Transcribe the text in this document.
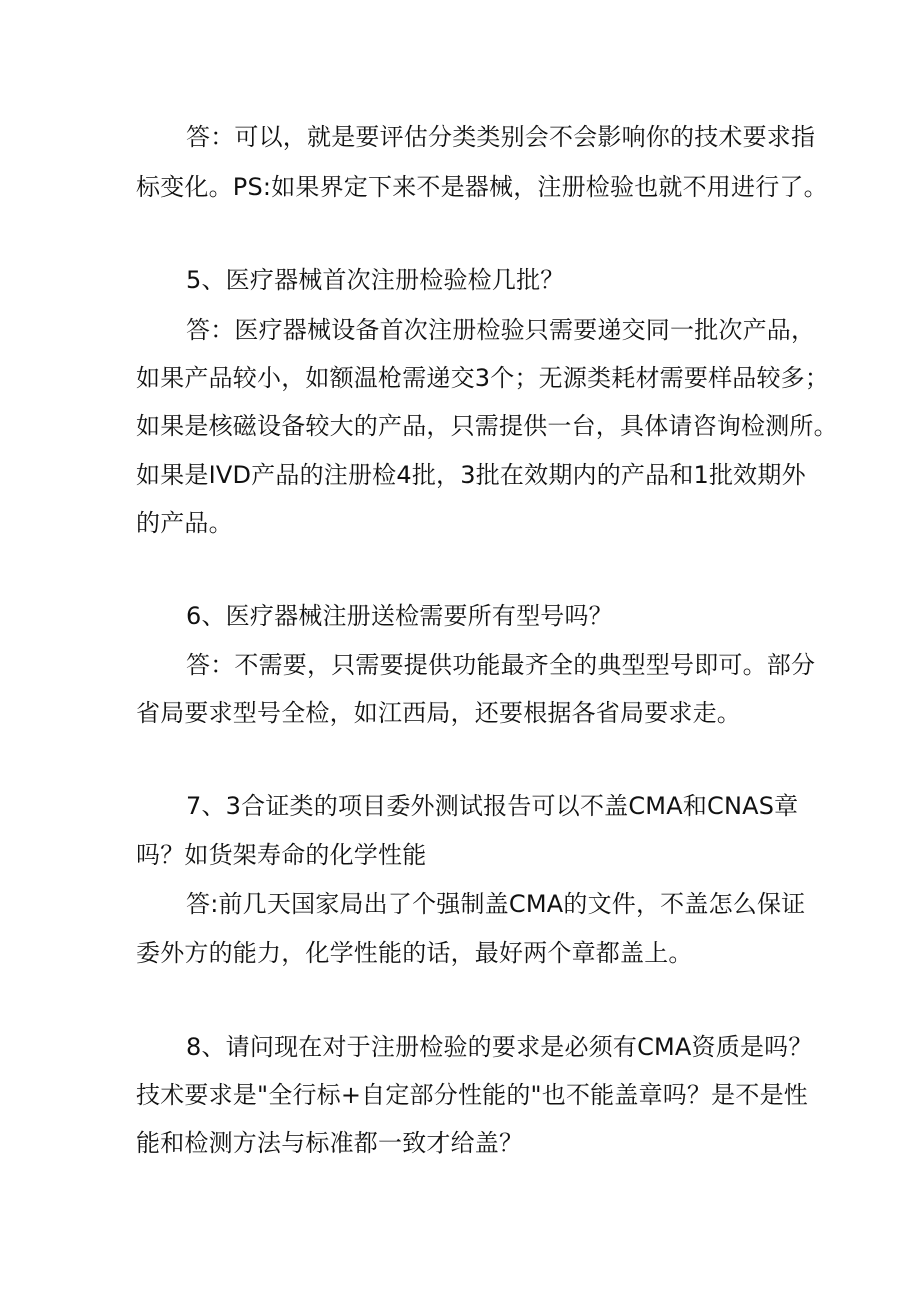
答：可以，就是要评估分类类别会不会影响你的技术要求指
标变化。PS:如果界定下来不是器械，注册检验也就不用进行了。
5、医疗器械首次注册检验检几批？
答：医疗器械设备首次注册检验只需要递交同一批次产品，
如果产品较小，如额温枪需递交3个；无源类耗材需要样品较多；
如果是核磁设备较大的产品，只需提供一台，具体请咨询检测所。
如果是IVD产品的注册检4批，3批在效期内的产品和1批效期外
的产品。
6、医疗器械注册送检需要所有型号吗？
答：不需要，只需要提供功能最齐全的典型型号即可。部分
省局要求型号全检，如江西局，还要根据各省局要求走。
7、3合证类的项目委外测试报告可以不盖CMA和CNAS章
吗？如货架寿命的化学性能
答:前几天国家局出了个强制盖CMA的文件，不盖怎么保证
委外方的能力，化学性能的话，最好两个章都盖上。
8、请问现在对于注册检验的要求是必须有CMA资质是吗？
技术要求是"全行标+自定部分性能的"也不能盖章吗？是不是性
能和检测方法与标准都一致才给盖？
